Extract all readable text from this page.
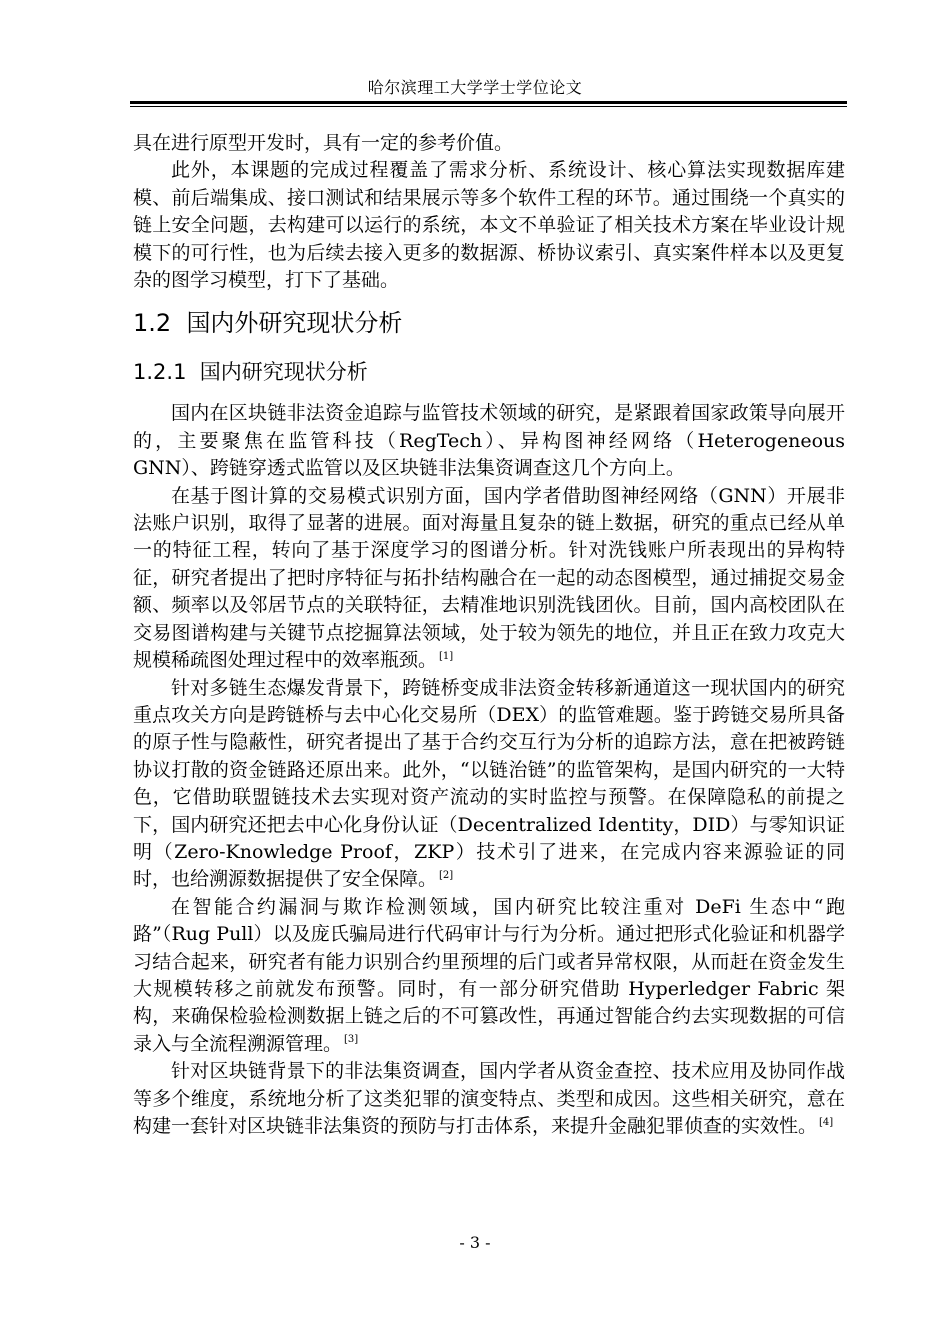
哈尔滨理工大学学士学位论文

具在进行原型开发时，具有一定的参考价值。

此外，本课题的完成过程覆盖了需求分析、系统设计、核心算法实现数据库建模、前后端集成、接口测试和结果展示等多个软件工程的环节。通过围绕一个真实的链上安全问题，去构建可以运行的系统，本文不单验证了相关技术方案在毕业设计规模下的可行性，也为后续去接入更多的数据源、桥协议索引、真实案件样本以及更复杂的图学习模型，打下了基础。

1.2 国内外研究现状分析
1.2.1 国内研究现状分析

国内在区块链非法资金追踪与监管技术领域的研究，是紧跟着国家政策导向展开的，主要聚焦在监管科技（RegTech）、异构图神经网络（Heterogeneous GNN）、跨链穿透式监管以及区块链非法集资调查这几个方向上。

在基于图计算的交易模式识别方面，国内学者借助图神经网络（GNN）开展非法账户识别，取得了显著的进展。面对海量且复杂的链上数据，研究的重点已经从单一的特征工程，转向了基于深度学习的图谱分析。针对洗钱账户所表现出的异构特征，研究者提出了把时序特征与拓扑结构融合在一起的动态图模型，通过捕捉交易金额、频率以及邻居节点的关联特征，去精准地识别洗钱团伙。目前，国内高校团队在交易图谱构建与关键节点挖掘算法领域，处于较为领先的地位，并且正在致力攻克大规模稀疏图处理过程中的效率瓶颈。 [1]

针对多链生态爆发背景下，跨链桥变成非法资金转移新通道这一现状国内的研究重点攻关方向是跨链桥与去中心化交易所（DEX）的监管难题。鉴于跨链交易所具备的原子性与隐蔽性，研究者提出了基于合约交互行为分析的追踪方法，意在把被跨链协议打散的资金链路还原出来。此外，“以链治链”的监管架构，是国内研究的一大特色，它借助联盟链技术去实现对资产流动的实时监控与预警。在保障隐私的前提之下，国内研究还把去中心化身份认证（Decentralized Identity，DID）与零知识证明（Zero-Knowledge Proof，ZKP）技术引了进来，在完成内容来源验证的同时，也给溯源数据提供了安全保障。 [2]

在智能合约漏洞与欺诈检测领域，国内研究比较注重对 DeFi 生态中“跑路”（Rug Pull）以及庞氏骗局进行代码审计与行为分析。通过把形式化验证和机器学习结合起来，研究者有能力识别合约里预埋的后门或者异常权限，从而赶在资金发生大规模转移之前就发布预警。同时，有一部分研究借助 Hyperledger Fabric 架构，来确保检验检测数据上链之后的不可篡改性，再通过智能合约去实现数据的可信录入与全流程溯源管理。 [3]

针对区块链背景下的非法集资调查，国内学者从资金查控、技术应用及协同作战等多个维度，系统地分析了这类犯罪的演变特点、类型和成因。这些相关研究，意在构建一套针对区块链非法集资的预防与打击体系，来提升金融犯罪侦查的实效性。 [4]

- 3 -
